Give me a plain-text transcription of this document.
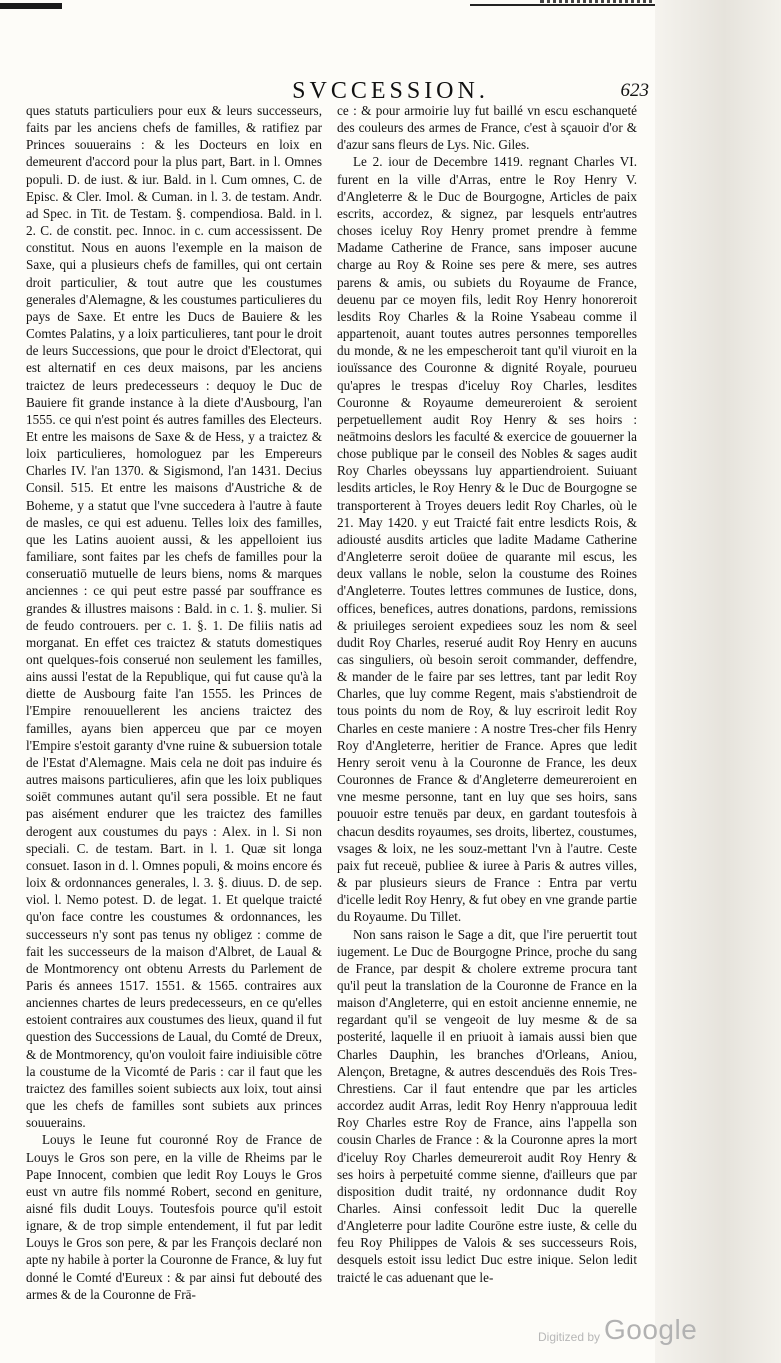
SVCCESSION.	623

ques statuts particuliers pour eux & leurs successeurs, faits par les anciens chefs de familles, & ratifiez par Princes souuerains : & les Docteurs en loix en demeurent d'accord pour la plus part, Bart. in l. Omnes populi. D. de iust. & iur. Bald. in l. Cum omnes, C. de Episc. & Cler. Imol. & Cuman. in l. 3. de testam. Andr. ad Spec. in Tit. de Testam. §. compendiosa. Bald. in l. 2. C. de constit. pec. Innoc. in c. cum accessissent. De constitut. Nous en auons l'exemple en la maison de Saxe, qui a plusieurs chefs de familles, qui ont certain droit particulier, & tout autre que les coustumes generales d'Alemagne, & les coustumes particulieres du pays de Saxe. Et entre les Ducs de Bauiere & les Comtes Palatins, y a loix particulieres, tant pour le droit de leurs Successions, que pour le droict d'Electorat, qui est alternatif en ces deux maisons, par les anciens traictez de leurs predecesseurs : dequoy le Duc de Bauiere fit grande instance à la diete d'Ausbourg, l'an 1555. ce qui n'est point és autres familles des Electeurs. Et entre les maisons de Saxe & de Hess, y a traictez & loix particulieres, homologuez par les Empereurs Charles IV. l'an 1370. & Sigismond, l'an 1431. Decius Consil. 515. Et entre les maisons d'Austriche & de Boheme, y a statut que l'vne succedera à l'autre à faute de masles, ce qui est aduenu. Telles loix des familles, que les Latins auoient aussi, & les appelloient ius familiare, sont faites par les chefs de familles pour la conseruatiō mutuelle de leurs biens, noms & marques anciennes : ce qui peut estre passé par souffrance es grandes & illustres maisons : Bald. in c. 1. §. mulier. Si de feudo controuers. per c. 1. §. 1. De filiis natis ad morganat. En effet ces traictez & statuts domestiques ont quelques-fois conserué non seulement les familles, ains aussi l'estat de la Republique, qui fut cause qu'à la diette de Ausbourg faite l'an 1555. les Princes de l'Empire renouuellerent les anciens traictez des familles, ayans bien apperceu que par ce moyen l'Empire s'estoit garanty d'vne ruine & subuersion totale de l'Estat d'Alemagne. Mais cela ne doit pas induire és autres maisons particulieres, afin que les loix publiques soiēt communes autant qu'il sera possible. Et ne faut pas aisément endurer que les traictez des familles derogent aux coustumes du pays : Alex. in l. Si non speciali. C. de testam. Bart. in l. 1. Quæ sit longa consuet. Iason in d. l. Omnes populi, & moins encore és loix & ordonnances generales, l. 3. §. diuus. D. de sep. viol. l. Nemo potest. D. de legat. 1. Et quelque traicté qu'on face contre les coustumes & ordonnances, les successeurs n'y sont pas tenus ny obligez : comme de fait les successeurs de la maison d'Albret, de Laual & de Montmorency ont obtenu Arrests du Parlement de Paris és annees 1517. 1551. & 1565. contraires aux anciennes chartes de leurs predecesseurs, en ce qu'elles estoient contraires aux coustumes des lieux, quand il fut question des Successions de Laual, du Comté de Dreux, & de Montmorency, qu'on vouloit faire indiuisible cōtre la coustume de la Vicomté de Paris : car il faut que les traictez des familles soient subiects aux loix, tout ainsi que les chefs de familles sont subiets aux princes souuerains.

Louys le Ieune fut couronné Roy de France de Louys le Gros son pere, en la ville de Rheims par le Pape Innocent, combien que ledit Roy Louys le Gros eust vn autre fils nommé Robert, second en geniture, aisné fils dudit Louys. Toutesfois pource qu'il estoit ignare, & de trop simple entendement, il fut par ledit Louys le Gros son pere, & par les François declaré non apte ny habile à porter la Couronne de France, & luy fut donné le Comté d'Eureux : & par ainsi fut debouté des armes & de la Couronne de Frā-

ce : & pour armoirie luy fut baillé vn escu eschanqueté des couleurs des armes de France, c'est à sçauoir d'or & d'azur sans fleurs de Lys. Nic. Giles.

Le 2. iour de Decembre 1419. regnant Charles VI. furent en la ville d'Arras, entre le Roy Henry V. d'Angleterre & le Duc de Bourgogne, Articles de paix escrits, accordez, & signez, par lesquels entr'autres choses iceluy Roy Henry promet prendre à femme Madame Catherine de France, sans imposer aucune charge au Roy & Roine ses pere & mere, ses autres parens & amis, ou subiets du Royaume de France, deuenu par ce moyen fils, ledit Roy Henry honoreroit lesdits Roy Charles & la Roine Ysabeau comme il appartenoit, auant toutes autres personnes temporelles du monde, & ne les empescheroit tant qu'il viuroit en la iouïssance des Couronne & dignité Royale, pourueu qu'apres le trespas d'iceluy Roy Charles, lesdites Couronne & Royaume demeureroient & seroient perpetuellement audit Roy Henry & ses hoirs : neātmoins deslors les faculté & exercice de gouuerner la chose publique par le conseil des Nobles & sages audit Roy Charles obeyssans luy appartiendroient. Suiuant lesdits articles, le Roy Henry & le Duc de Bourgogne se transporterent à Troyes deuers ledit Roy Charles, où le 21. May 1420. y eut Traicté fait entre lesdicts Rois, & adiousté ausdits articles que ladite Madame Catherine d'Angleterre seroit doüee de quarante mil escus, les deux vallans le noble, selon la coustume des Roines d'Angleterre. Toutes lettres communes de Iustice, dons, offices, benefices, autres donations, pardons, remissions & priuileges seroient expediees souz les nom & seel dudit Roy Charles, reserué audit Roy Henry en aucuns cas singuliers, où besoin seroit commander, deffendre, & mander de le faire par ses lettres, tant par ledit Roy Charles, que luy comme Regent, mais s'abstiendroit de tous points du nom de Roy, & luy escriroit ledit Roy Charles en ceste maniere : A nostre Tres-cher fils Henry Roy d'Angleterre, heritier de France. Apres que ledit Henry seroit venu à la Couronne de France, les deux Couronnes de France & d'Angleterre demeureroient en vne mesme personne, tant en luy que ses hoirs, sans pouuoir estre tenuës par deux, en gardant toutesfois à chacun desdits royaumes, ses droits, libertez, coustumes, vsages & loix, ne les souz-mettant l'vn à l'autre. Ceste paix fut receuë, publiee & iuree à Paris & autres villes, & par plusieurs sieurs de France : Entra par vertu d'icelle ledit Roy Henry, & fut obey en vne grande partie du Royaume. Du Tillet.

Non sans raison le Sage a dit, que l'ire peruertit tout iugement. Le Duc de Bourgogne Prince, proche du sang de France, par despit & cholere extreme procura tant qu'il peut la translation de la Couronne de France en la maison d'Angleterre, qui en estoit ancienne ennemie, ne regardant qu'il se vengeoit de luy mesme & de sa posterité, laquelle il en priuoit à iamais aussi bien que Charles Dauphin, les branches d'Orleans, Aniou, Alençon, Bretagne, & autres descenduës des Rois Tres-Chrestiens. Car il faut entendre que par les articles accordez audit Arras, ledit Roy Henry n'approuua ledit Roy Charles estre Roy de France, ains l'appella son cousin Charles de France : & la Couronne apres la mort d'iceluy Roy Charles demeureroit audit Roy Henry & ses hoirs à perpetuité comme sienne, d'ailleurs que par disposition dudit traité, ny ordonnance dudit Roy Charles. Ainsi confessoit ledit Duc la querelle d'Angleterre pour ladite Courōne estre iuste, & celle du feu Roy Philippes de Valois & ses successeurs Rois, desquels estoit issu ledict Duc estre inique. Selon ledit traicté le cas aduenant que le-

Digitized by Google
